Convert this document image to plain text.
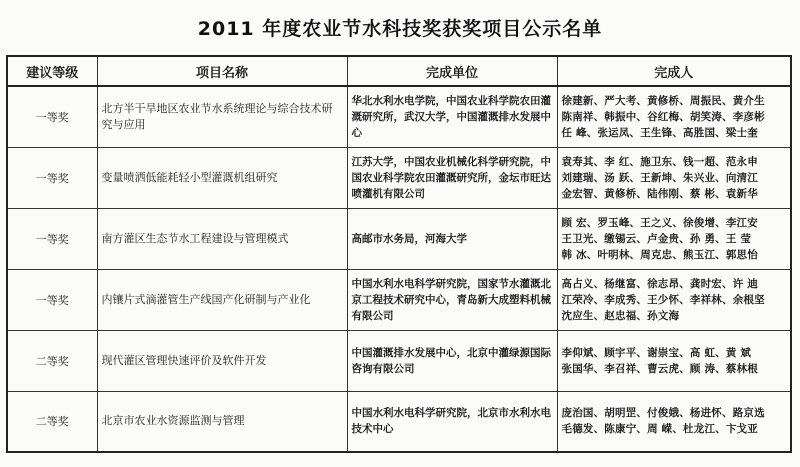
2011 年度农业节水科技奖获奖项目公示名单
建议等级	项目名称	完成单位	完成人
一等奖	北方半干旱地区农业节水系统理论与综合技术研究与应用	华北水利水电学院，中国农业科学院农田灌溉研究所，武汉大学，中国灌溉排水发展中心	徐建新、严大考、黄修桥、周振民、黄介生
陈南祥、韩振中、谷红梅、胡笑涛、李彦彬
任 峰、张运凤、王生锋、高胜国、梁士奎

一等奖	变量喷洒低能耗轻小型灌溉机组研究	江苏大学，中国农业机械化科学研究院，中国农业科学院农田灌溉研究所，金坛市旺达喷灌机有限公司	袁寿其、李 红、施卫东、钱一超、范永申
刘建瑞、汤 跃、王新坤、朱兴业、向清江
金宏智、黄修桥、陆伟刚、蔡 彬、袁新华

一等奖	南方灌区生态节水工程建设与管理模式	高邮市水务局，河海大学	顾 宏、罗玉峰、王之义、徐俊增、李江安
王卫光、缴锡云、卢金贵、孙 勇、王 莹
韩 冰、叶明林、周克忠、熊玉江、郭思怡

一等奖	内镶片式滴灌管生产线国产化研制与产业化	中国水利水电科学研究院，国家节水灌溉北京工程技术研究中心，青岛新大成塑料机械有限公司	高占义、杨继富、徐志昂、龚时宏、许 迪
江荣冷、李成秀、王少怀、李祥林、余根坚
沈应生、赵忠福、孙文海

二等奖	现代灌区管理快速评价及软件开发	中国灌溉排水发展中心，北京中灌绿源国际咨询有限公司	李仰斌、顾宇平、谢崇宝、高 虹、黄 斌
张国华、李召祥、曹云虎、顾 涛、蔡林根

二等奖	北京市农业水资源监测与管理	中国水利水电科学研究院，北京市水利水电技术中心	庞治国、胡明罡、付俊娥、杨进怀、路京选
毛德发、陈康宁、周 嵘、杜龙江、卞戈亚
